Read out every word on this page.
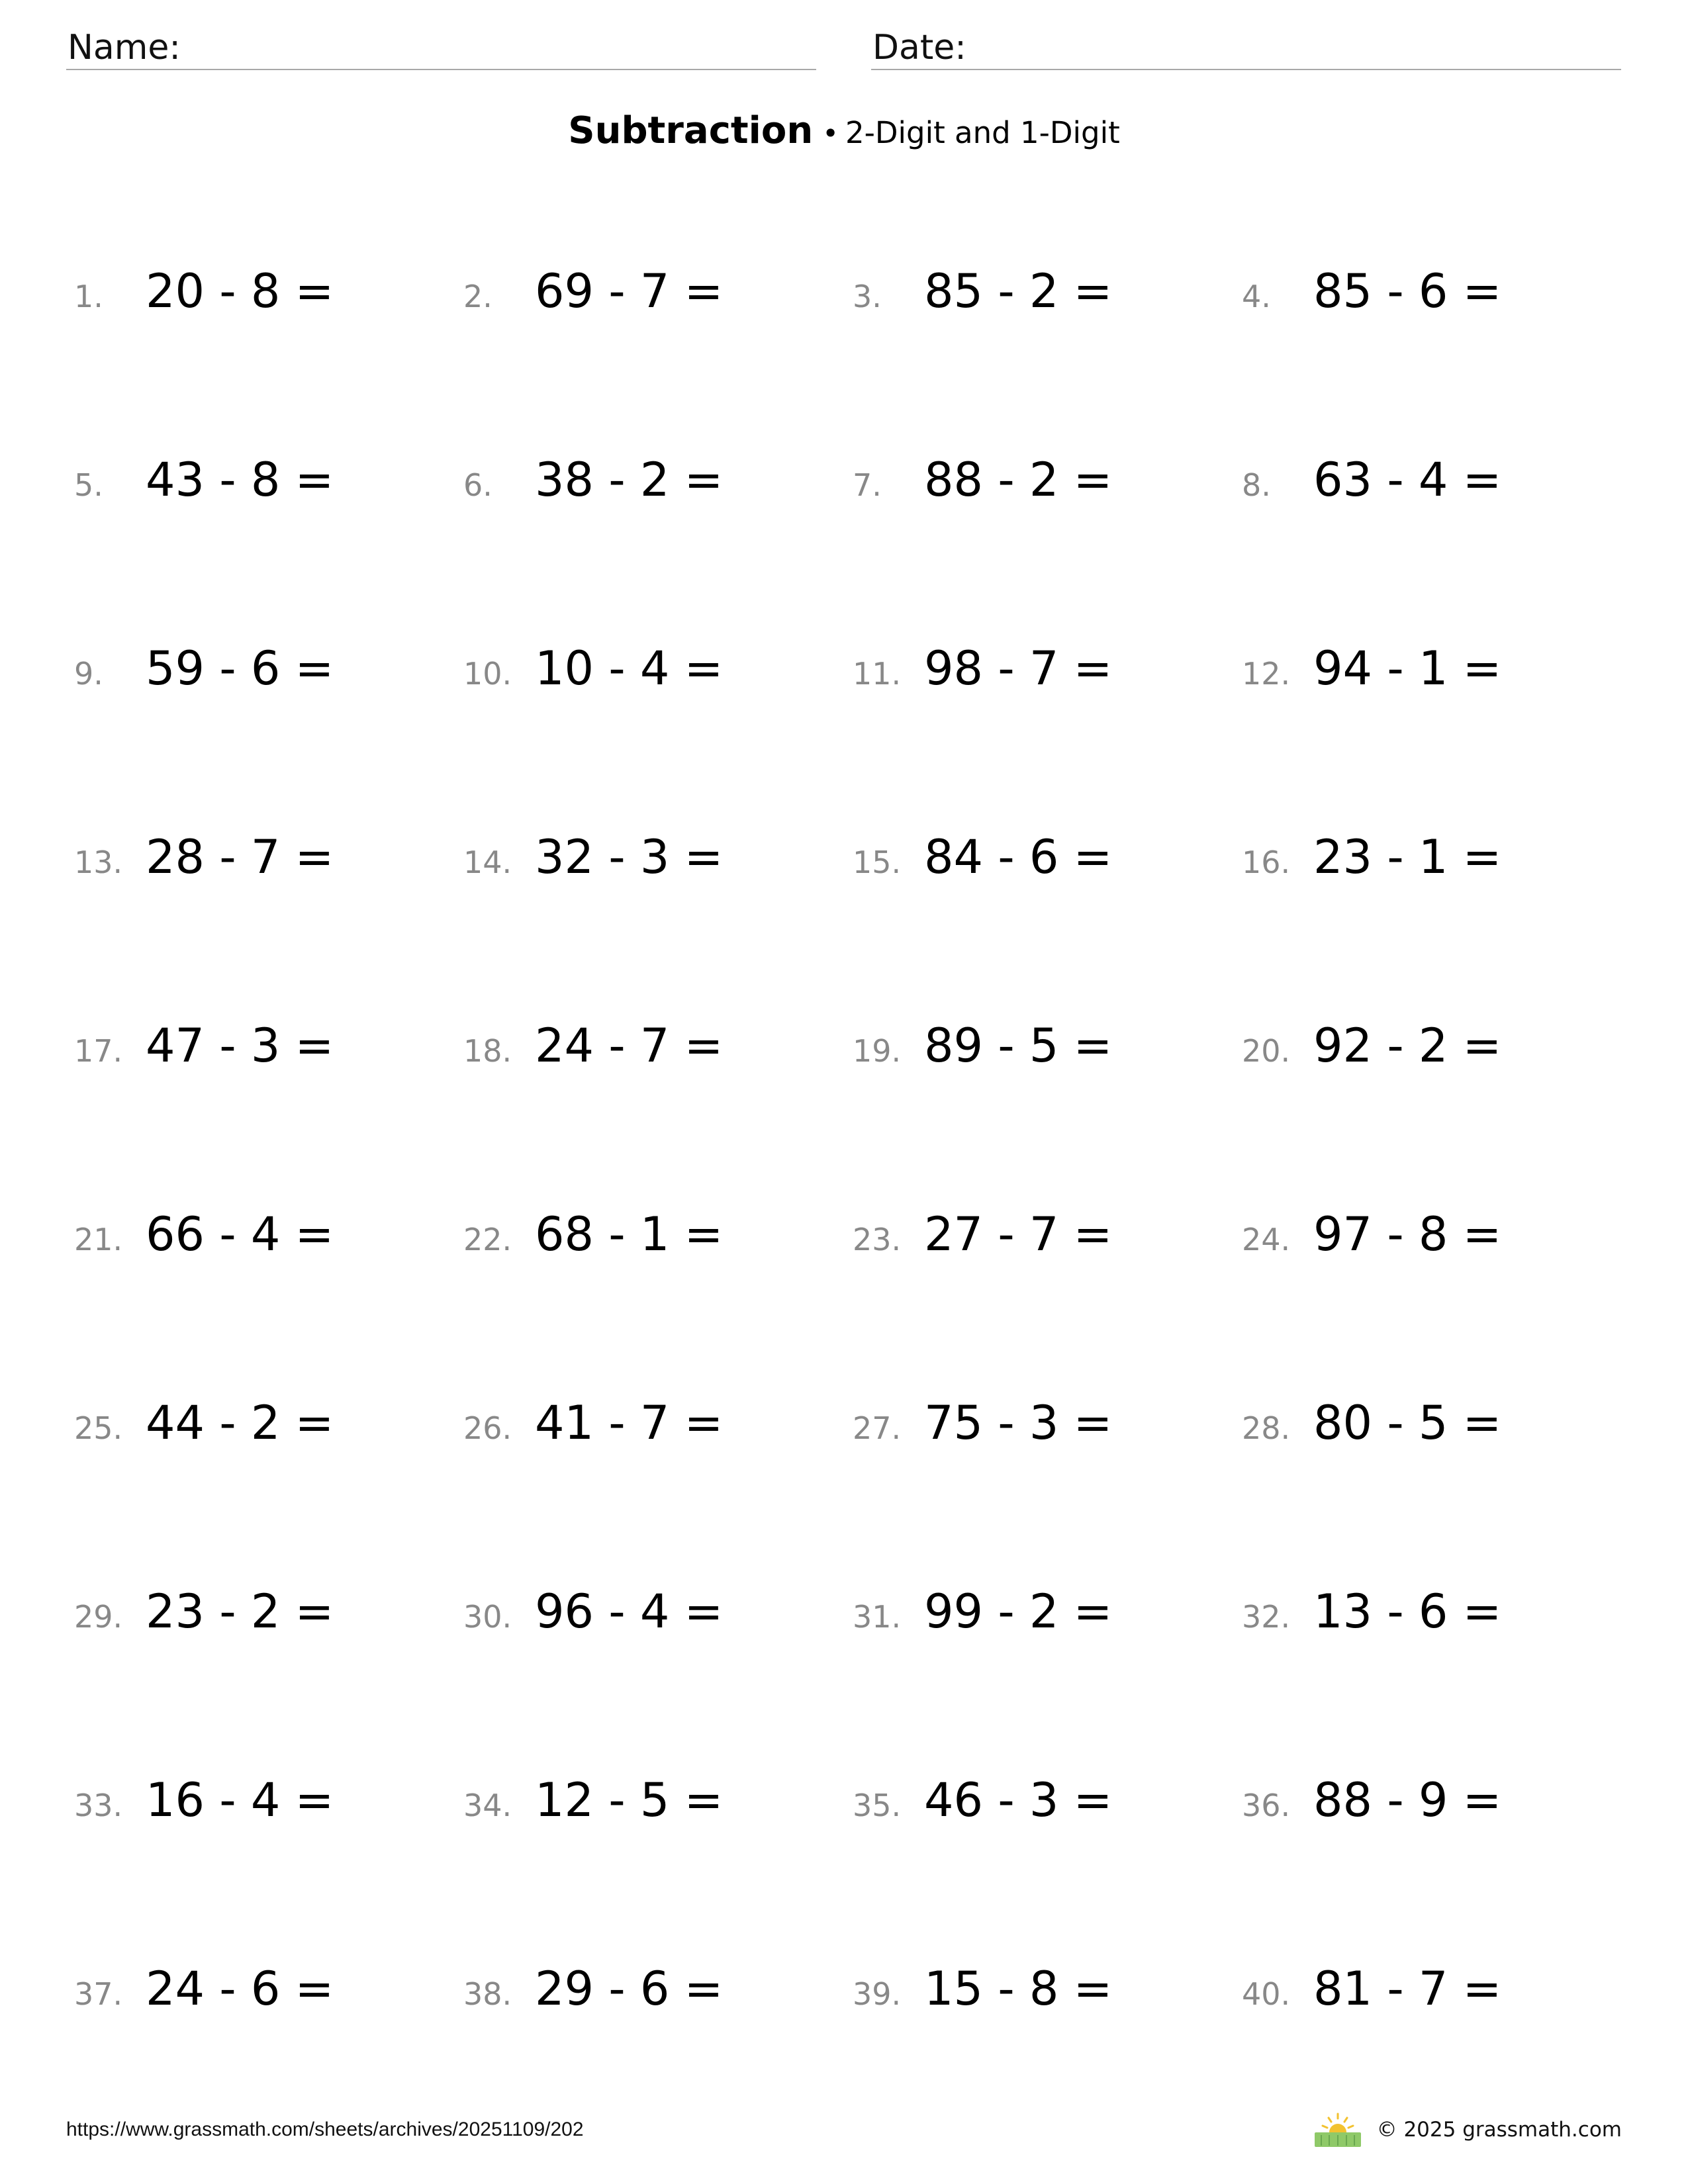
Name:	Date:
Subtraction • 2-Digit and 1-Digit
1. 20 - 8 =	2. 69 - 7 =	3. 85 - 2 =	4. 85 - 6 =
5. 43 - 8 =	6. 38 - 2 =	7. 88 - 2 =	8. 63 - 4 =
9. 59 - 6 =	10. 10 - 4 =	11. 98 - 7 =	12. 94 - 1 =
13. 28 - 7 =	14. 32 - 3 =	15. 84 - 6 =	16. 23 - 1 =
17. 47 - 3 =	18. 24 - 7 =	19. 89 - 5 =	20. 92 - 2 =
21. 66 - 4 =	22. 68 - 1 =	23. 27 - 7 =	24. 97 - 8 =
25. 44 - 2 =	26. 41 - 7 =	27. 75 - 3 =	28. 80 - 5 =
29. 23 - 2 =	30. 96 - 4 =	31. 99 - 2 =	32. 13 - 6 =
33. 16 - 4 =	34. 12 - 5 =	35. 46 - 3 =	36. 88 - 9 =
37. 24 - 6 =	38. 29 - 6 =	39. 15 - 8 =	40. 81 - 7 =
https://www.grassmath.com/sheets/archives/20251109/202	© 2025 grassmath.com
